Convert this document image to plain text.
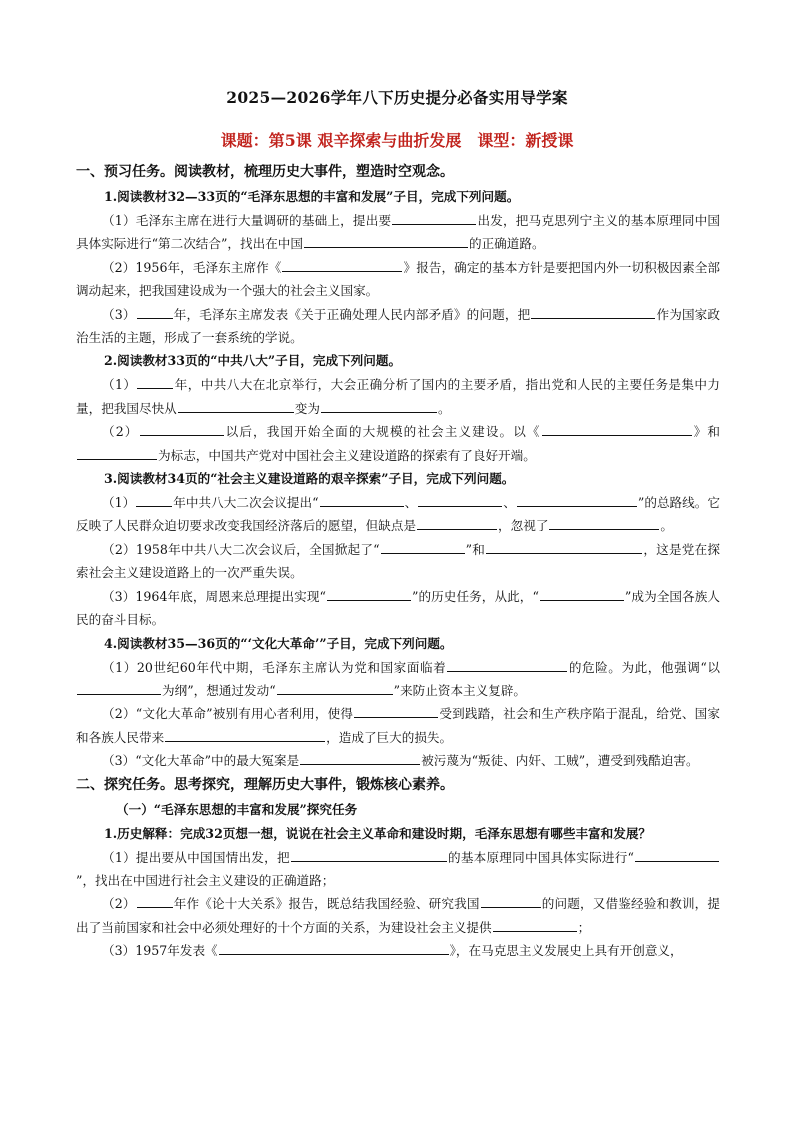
2025—2026学年八下历史提分必备实用导学案
课题：第5课 艰辛探索与曲折发展　课型：新授课

一、预习任务。阅读教材，梳理历史大事件，塑造时空观念。

1.阅读教材32—33页的“毛泽东思想的丰富和发展”子目，完成下列问题。

（1）毛泽东主席在进行大量调研的基础上，提出要	出发，把马克思列宁主义的基本原理同中国具体实际进行“第二次结合”，找出在中国	的正确道路。

（2）1956年，毛泽东主席作《	》报告，确定的基本方针是要把国内外一切积极因素全部调动起来，把我国建设成为一个强大的社会主义国家。

（3）	年，毛泽东主席发表《关于正确处理人民内部矛盾》的问题，把	作为国家政治生活的主题，形成了一套系统的学说。

2.阅读教材33页的“中共八大”子目，完成下列问题。

（1）	年，中共八大在北京举行，大会正确分析了国内的主要矛盾，指出党和人民的主要任务是集中力量，把我国尽快从	变为	。

（2）	以后，我国开始全面的大规模的社会主义建设。以《	》和为标志，中国共产党对中国社会主义建设道路的探索有了良好开端。

3.阅读教材34页的“社会主义建设道路的艰辛探索”子目，完成下列问题。

（1）	年中共八大二次会议提出“	、	、	”的总路线。它反映了人民群众迫切要求改变我国经济落后的愿望，但缺点是	，忽视了	。

（2）1958年中共八大二次会议后，全国掀起了“	”和	，这是党在探索社会主义建设道路上的一次严重失误。

（3）1964年底，周恩来总理提出实现“	”的历史任务，从此，“	”成为全国各族人民的奋斗目标。

4.阅读教材35—36页的“‘文化大革命’”子目，完成下列问题。

（1）20世纪60年代中期，毛泽东主席认为党和国家面临着	的危险。为此，他强调“以为纲”，想通过发动“	”来防止资本主义复辟。

（2）“文化大革命”被别有用心者利用，使得	受到践踏，社会和生产秩序陷于混乱，给党、国家和各族人民带来	，造成了巨大的损失。

（3）“文化大革命”中的最大冤案是	被污蔑为“叛徒、内奸、工贼”，遭受到残酷迫害。

二、探究任务。思考探究，理解历史大事件，锻炼核心素养。

（一）“毛泽东思想的丰富和发展”探究任务

1.历史解释：完成32页想一想，说说在社会主义革命和建设时期，毛泽东思想有哪些丰富和发展？

（1）提出要从中国国情出发，把	的基本原理同中国具体实际进行“”，找出在中国进行社会主义建设的正确道路；

（2）	年作《论十大关系》报告，既总结我国经验、研究我国	的问题，又借鉴经验和教训，提出了当前国家和社会中必须处理好的十个方面的关系，为建设社会主义提供	；

（3）1957年发表《	》，在马克思主义发展史上具有开创意义，
